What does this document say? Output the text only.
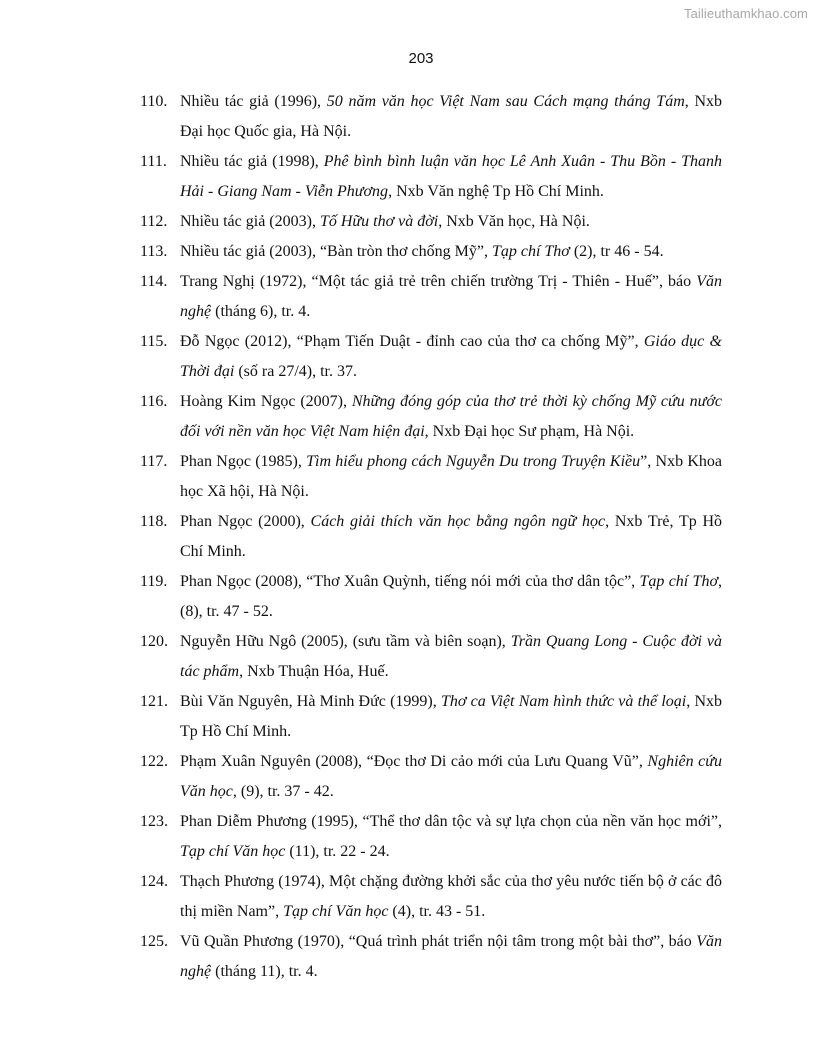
Tailieuthamkhao.com
203
110. Nhiều tác giả (1996), 50 năm văn học Việt Nam sau Cách mạng tháng Tám, Nxb Đại học Quốc gia, Hà Nội.
111. Nhiều tác giả (1998), Phê bình bình luận văn học Lê Anh Xuân - Thu Bồn - Thanh Hải - Giang Nam - Viễn Phương, Nxb Văn nghệ Tp Hồ Chí Minh.
112. Nhiều tác giả (2003), Tố Hữu thơ và đời, Nxb Văn học, Hà Nội.
113. Nhiều tác giả (2003), “Bàn tròn thơ chống Mỹ”, Tạp chí Thơ (2), tr 46 - 54.
114. Trang Nghị (1972), “Một tác giả trẻ trên chiến trường Trị - Thiên - Huế”, báo Văn nghệ (tháng 6), tr. 4.
115. Đỗ Ngọc (2012), “Phạm Tiến Duật - đỉnh cao của thơ ca chống Mỹ”, Giáo dục & Thời đại (số ra 27/4), tr. 37.
116. Hoàng Kim Ngọc (2007), Những đóng góp của thơ trẻ thời kỳ chống Mỹ cứu nước đối với nền văn học Việt Nam hiện đại, Nxb Đại học Sư phạm, Hà Nội.
117. Phan Ngọc (1985), Tìm hiểu phong cách Nguyễn Du trong Truyện Kiều”, Nxb Khoa học Xã hội, Hà Nội.
118. Phan Ngọc (2000), Cách giải thích văn học bằng ngôn ngữ học, Nxb Trẻ, Tp Hồ Chí Minh.
119. Phan Ngọc (2008), “Thơ Xuân Quỳnh, tiếng nói mới của thơ dân tộc”, Tạp chí Thơ, (8), tr. 47 - 52.
120. Nguyễn Hữu Ngô (2005), (sưu tầm và biên soạn), Trần Quang Long - Cuộc đời và tác phẩm, Nxb Thuận Hóa, Huế.
121. Bùi Văn Nguyên, Hà Minh Đức (1999), Thơ ca Việt Nam hình thức và thể loại, Nxb Tp Hồ Chí Minh.
122. Phạm Xuân Nguyên (2008), “Đọc thơ Di cảo mới của Lưu Quang Vũ”, Nghiên cứu Văn học, (9), tr. 37 - 42.
123. Phan Diễm Phương (1995), “Thể thơ dân tộc và sự lựa chọn của nền văn học mới”, Tạp chí Văn học (11), tr. 22 - 24.
124. Thạch Phương (1974), Một chặng đường khởi sắc của thơ yêu nước tiến bộ ở các đô thị miền Nam”, Tạp chí Văn học (4), tr. 43 - 51.
125. Vũ Quần Phương (1970), “Quá trình phát triển nội tâm trong một bài thơ”, báo Văn nghệ (tháng 11), tr. 4.
